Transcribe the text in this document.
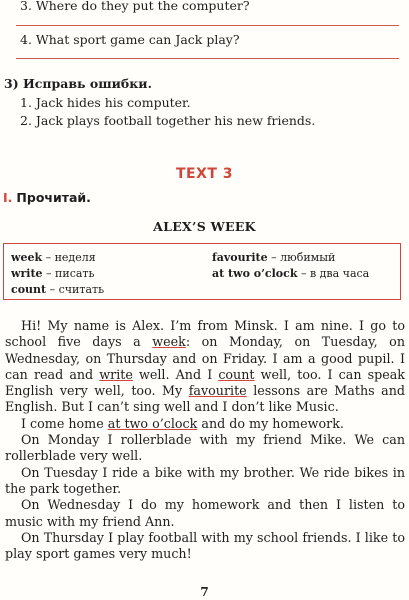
3. Where do they put the computer?
4. What sport game can Jack play?
3) Исправь ошибки.
1. Jack hides his computer.
2. Jack plays football together his new friends.
TEXT 3
I. Прочитай.
ALEX’S WEEK
week – неделя
write – писать
count – считать
favourite – любимый
at two o’clock – в два часа

Hi! My name is Alex. I’m from Minsk. I am nine. I go to school five days a week: on Monday, on Tuesday, on Wednesday, on Thursday and on Friday. I am a good pupil. I can read and write well. And I count well, too. I can speak English very well, too. My favourite lessons are Maths and English. But I can’t sing well and I don’t like Music.

I come home at two o’clock and do my homework.

On Monday I rollerblade with my friend Mike. We can rollerblade very well.

On Tuesday I ride a bike with my brother. We ride bikes in the park together.

On Wednesday I do my homework and then I listen to music with my friend Ann.

On Thursday I play football with my school friends. I like to play sport games very much!

7
